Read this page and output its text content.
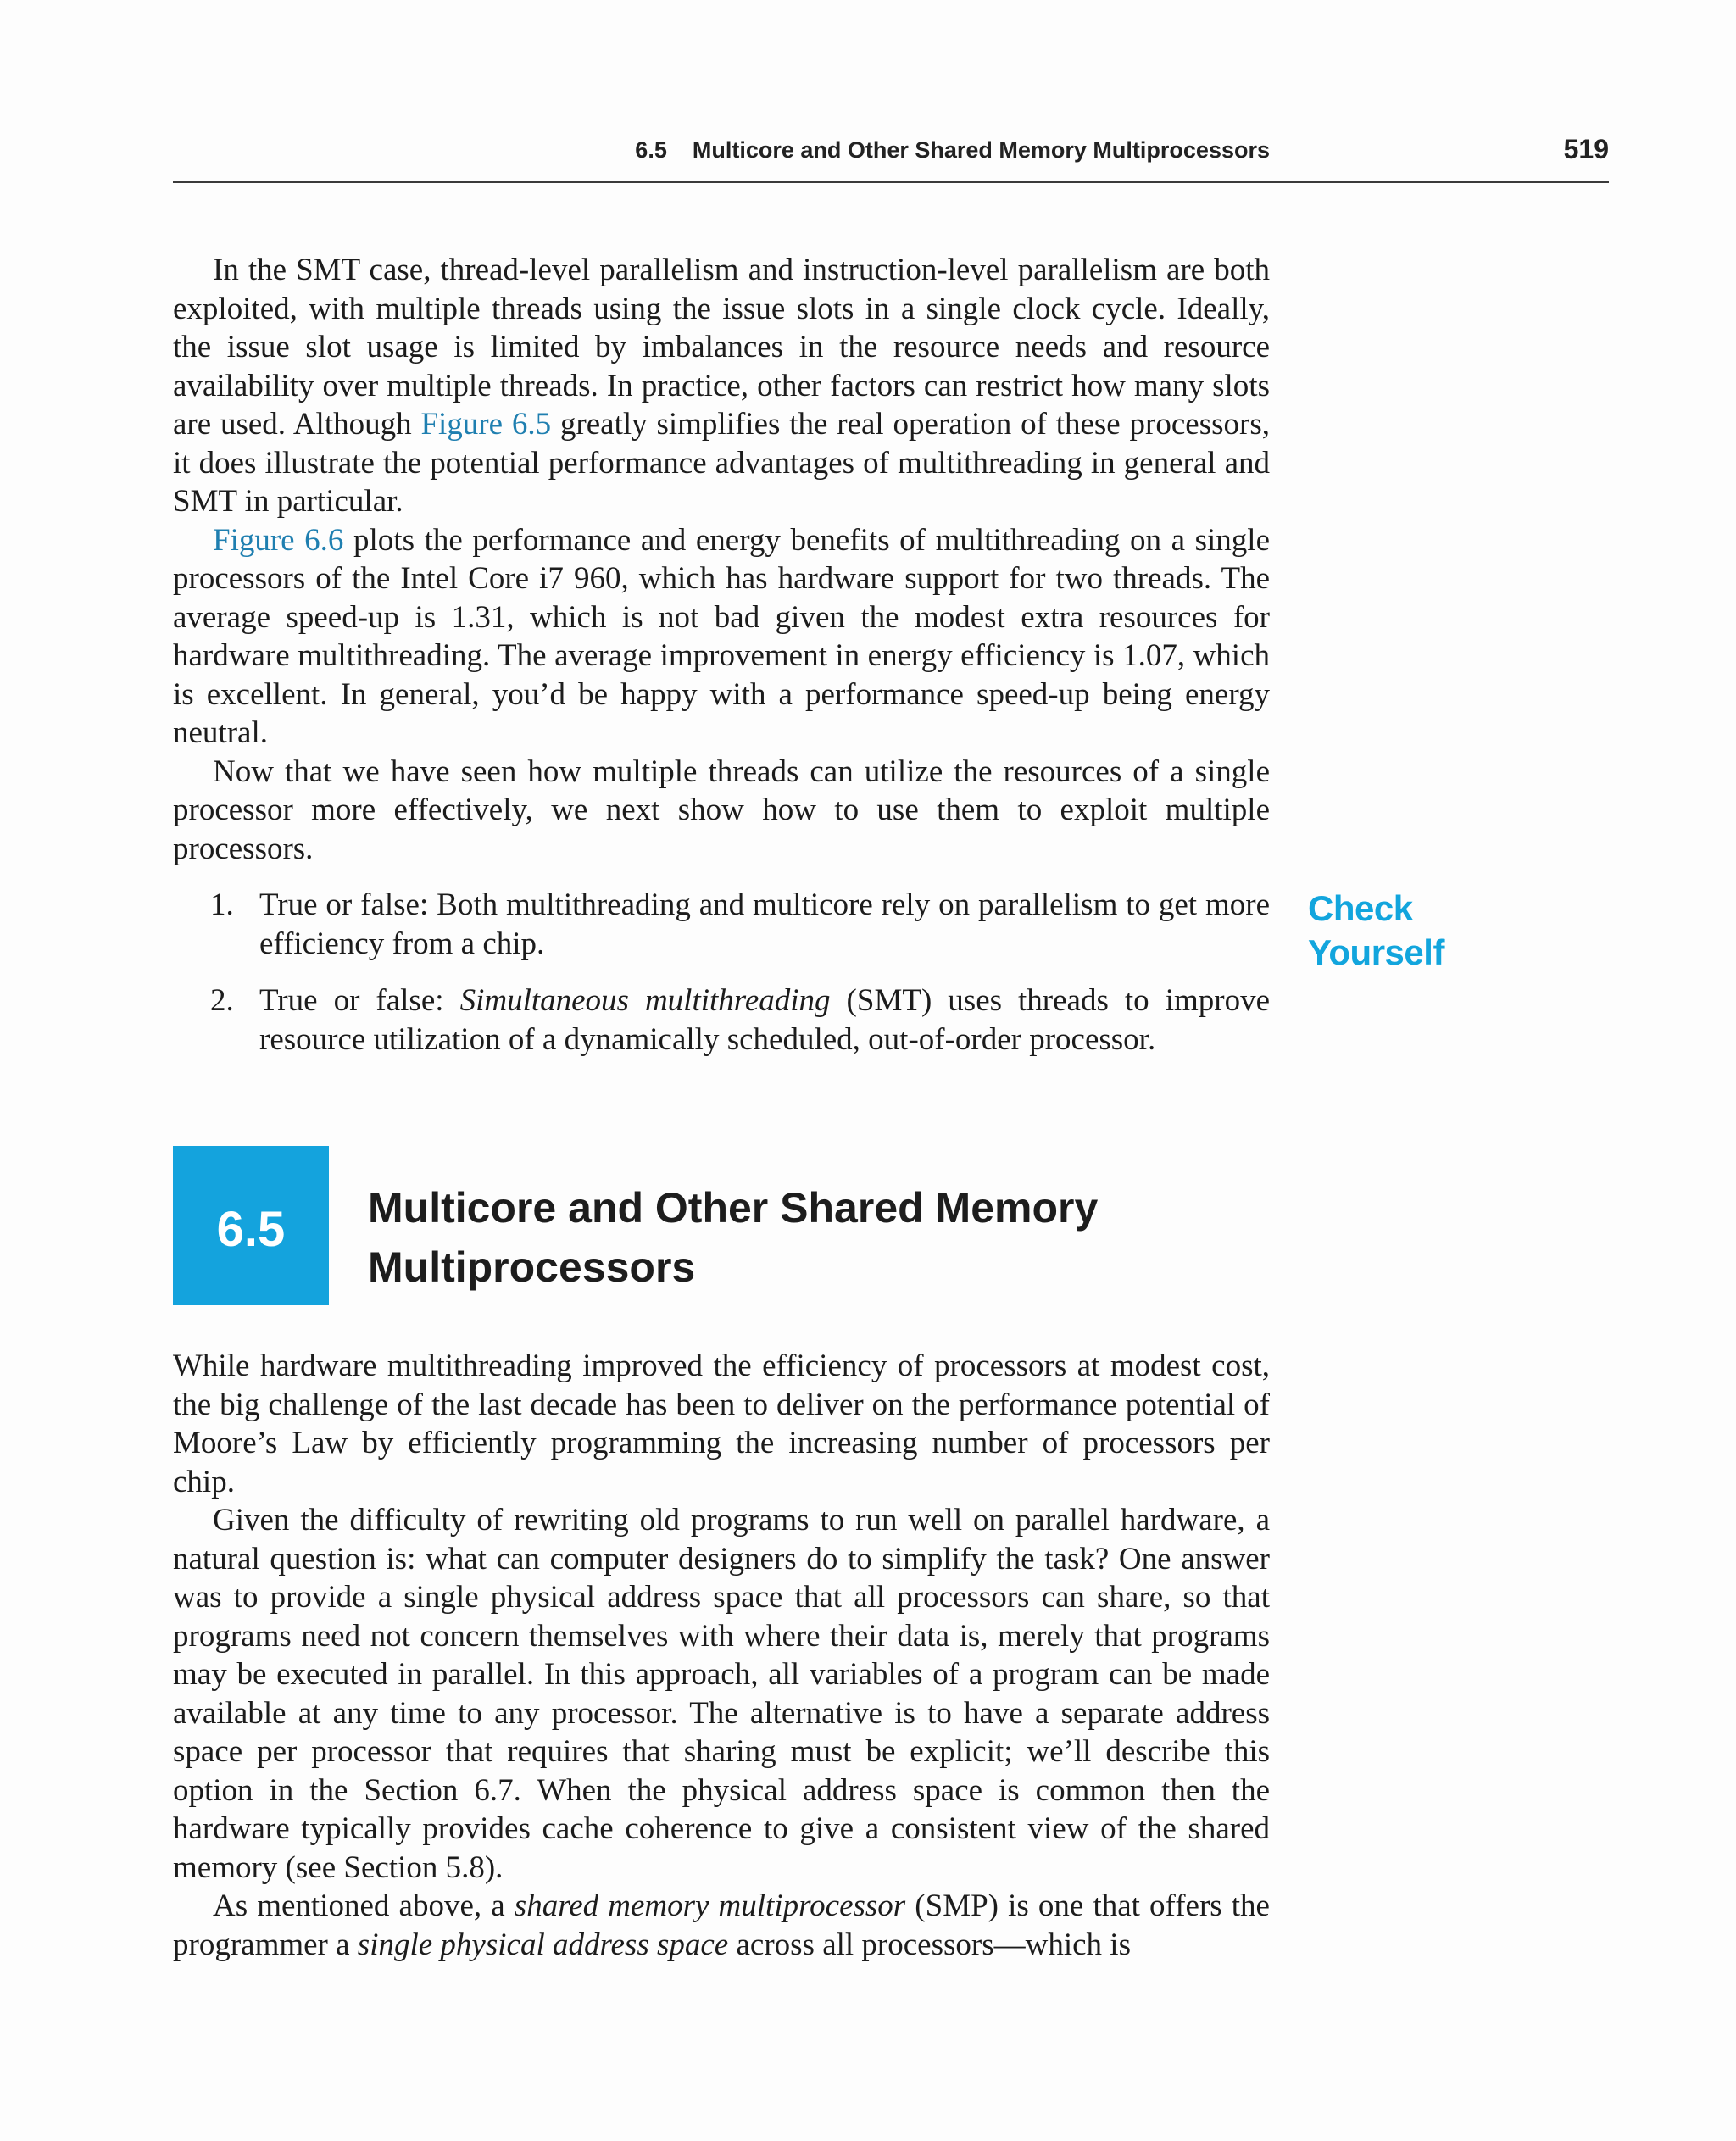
6.5 Multicore and Other Shared Memory Multiprocessors	519

In the SMT case, thread-level parallelism and instruction-level parallelism are both exploited, with multiple threads using the issue slots in a single clock cycle. Ideally, the issue slot usage is limited by imbalances in the resource needs and resource availability over multiple threads. In practice, other factors can restrict how many slots are used. Although Figure 6.5 greatly simplifies the real operation of these processors, it does illustrate the potential performance advantages of multithreading in general and SMT in particular.

Figure 6.6 plots the performance and energy benefits of multithreading on a single processors of the Intel Core i7 960, which has hardware support for two threads. The average speed-up is 1.31, which is not bad given the modest extra resources for hardware multithreading. The average improvement in energy efficiency is 1.07, which is excellent. In general, you’d be happy with a performance speed-up being energy neutral.

Now that we have seen how multiple threads can utilize the resources of a single processor more effectively, we next show how to use them to exploit multiple processors.

1. True or false: Both multithreading and multicore rely on parallelism to get more efficiency from a chip.
2. True or false: Simultaneous multithreading (SMT) uses threads to improve resource utilization of a dynamically scheduled, out-of-order processor.
Check
Yourself
6.5	Multicore and Other Shared Memory
Multiprocessors

While hardware multithreading improved the efficiency of processors at modest cost, the big challenge of the last decade has been to deliver on the performance potential of Moore’s Law by efficiently programming the increasing number of processors per chip.

Given the difficulty of rewriting old programs to run well on parallel hardware, a natural question is: what can computer designers do to simplify the task? One answer was to provide a single physical address space that all processors can share, so that programs need not concern themselves with where their data is, merely that programs may be executed in parallel. In this approach, all variables of a program can be made available at any time to any processor. The alternative is to have a separate address space per processor that requires that sharing must be explicit; we’ll describe this option in the Section 6.7. When the physical address space is common then the hardware typically provides cache coherence to give a consistent view of the shared memory (see Section 5.8).

As mentioned above, a shared memory multiprocessor (SMP) is one that offers the programmer a single physical address space across all processors—which is
